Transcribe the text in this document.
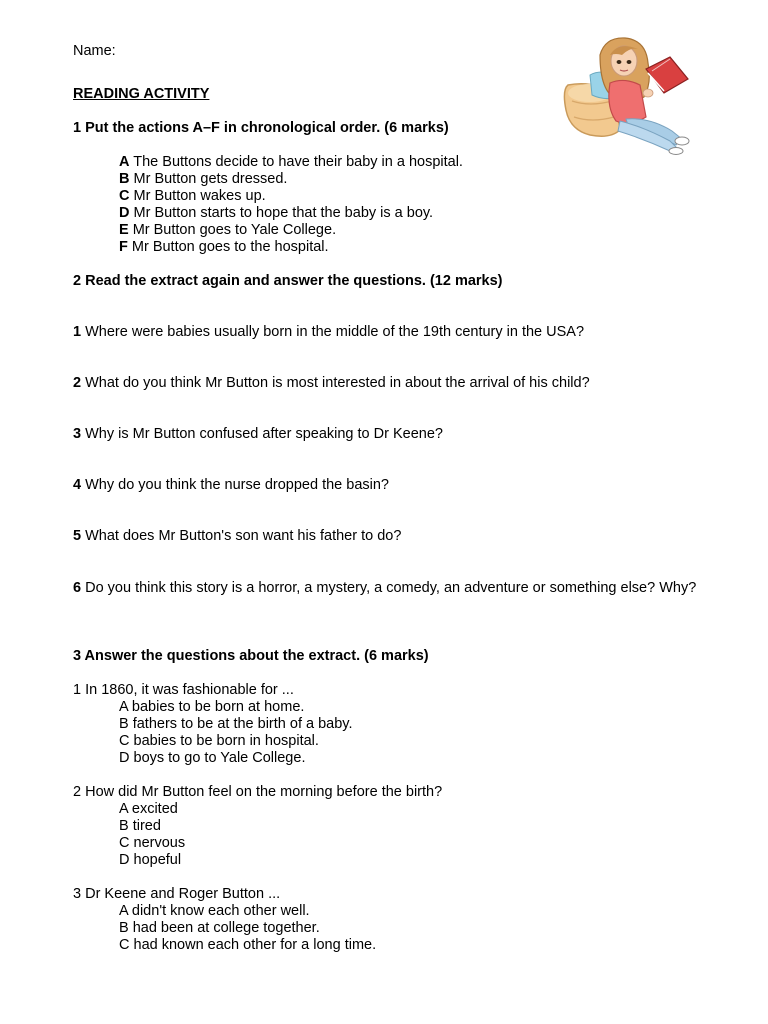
Name:
READING ACTIVITY
1 Put the actions A–F in chronological order. (6 marks)
A The Buttons decide to have their baby in a hospital.
B Mr Button gets dressed.
C Mr Button wakes up.
D Mr Button starts to hope that the baby is a boy.
E Mr Button goes to Yale College.
F Mr Button goes to the hospital.
2 Read the extract again and answer the questions. (12 marks)
1 Where were babies usually born in the middle of the 19th century in the USA?
2 What do you think Mr Button is most interested in about the arrival of his child?
3 Why is Mr Button confused after speaking to Dr Keene?
4 Why do you think the nurse dropped the basin?
5 What does Mr Button's son want his father to do?
6 Do you think this story is a horror, a mystery, a comedy, an adventure or something else? Why?
3 Answer the questions about the extract. (6 marks)
1 In 1860, it was fashionable for ...
A babies to be born at home.
B fathers to be at the birth of a baby.
C babies to be born in hospital.
D boys to go to Yale College.
2 How did Mr Button feel on the morning before the birth?
A excited
B tired
C nervous
D hopeful
3 Dr Keene and Roger Button ...
A didn't know each other well.
B had been at college together.
C had known each other for a long time.
